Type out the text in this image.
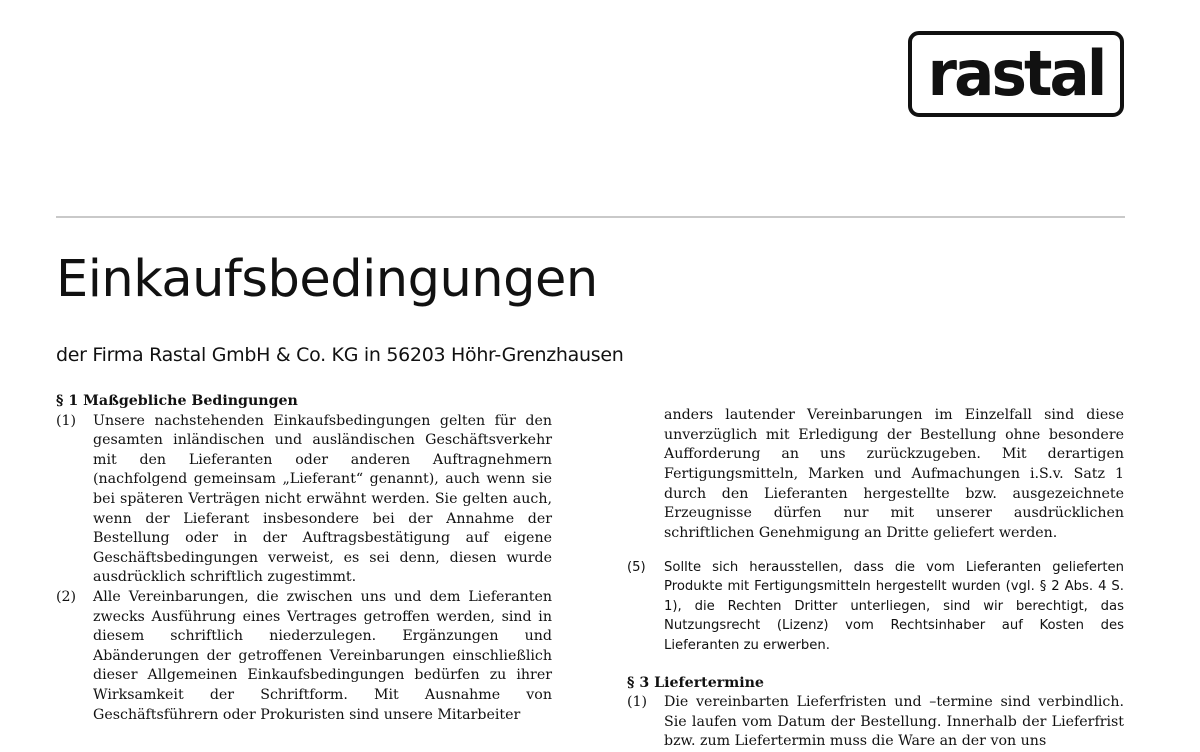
rastal
Einkaufsbedingungen

der Firma Rastal GmbH & Co. KG in 56203 Höhr-Grenzhausen

§ 1 Maßgebliche Bedingungen

(1)	Unsere nachstehenden Einkaufsbedingungen gelten für den gesamten inländischen und ausländischen Geschäftsverkehr mit den Lieferanten oder anderen Auftragnehmern (nachfolgend gemeinsam „Lieferant“ genannt), auch wenn sie bei späteren Verträgen nicht erwähnt werden. Sie gelten auch, wenn der Lieferant insbesondere bei der Annahme der Bestellung oder in der Auftragsbestätigung auf eigene Geschäftsbedingungen verweist, es sei denn, diesen wurde ausdrücklich schriftlich zugestimmt.
(2)	Alle Vereinbarungen, die zwischen uns und dem Lieferanten zwecks Ausführung eines Vertrages getroffen werden, sind in diesem schriftlich niederzulegen. Ergänzungen und Abänderungen der getroffenen Vereinbarungen einschließlich dieser Allgemeinen Einkaufsbedingungen bedürfen zu ihrer Wirksamkeit der Schriftform. Mit Ausnahme von Geschäftsführern oder Prokuristen sind unsere Mitarbeiter

anders lautender Vereinbarungen im Einzelfall sind diese unverzüglich mit Erledigung der Bestellung ohne besondere Aufforderung an uns zurückzugeben. Mit derartigen Fertigungsmitteln, Marken und Aufmachungen i.S.v. Satz 1 durch den Lieferanten hergestellte bzw. ausgezeichnete Erzeugnisse dürfen nur mit unserer ausdrücklichen schriftlichen Genehmigung an Dritte geliefert werden.

(5)	Sollte sich herausstellen, dass die vom Lieferanten gelieferten Produkte mit Fertigungsmitteln hergestellt wurden (vgl. § 2 Abs. 4 S. 1), die Rechten Dritter unterliegen, sind wir berechtigt, das Nutzungsrecht (Lizenz) vom Rechtsinhaber auf Kosten des Lieferanten zu erwerben.

§ 3 Liefertermine

(1)	Die vereinbarten Lieferfristen und –termine sind verbindlich. Sie laufen vom Datum der Bestellung. Innerhalb der Lieferfrist bzw. zum Liefertermin muss die Ware an der von uns
